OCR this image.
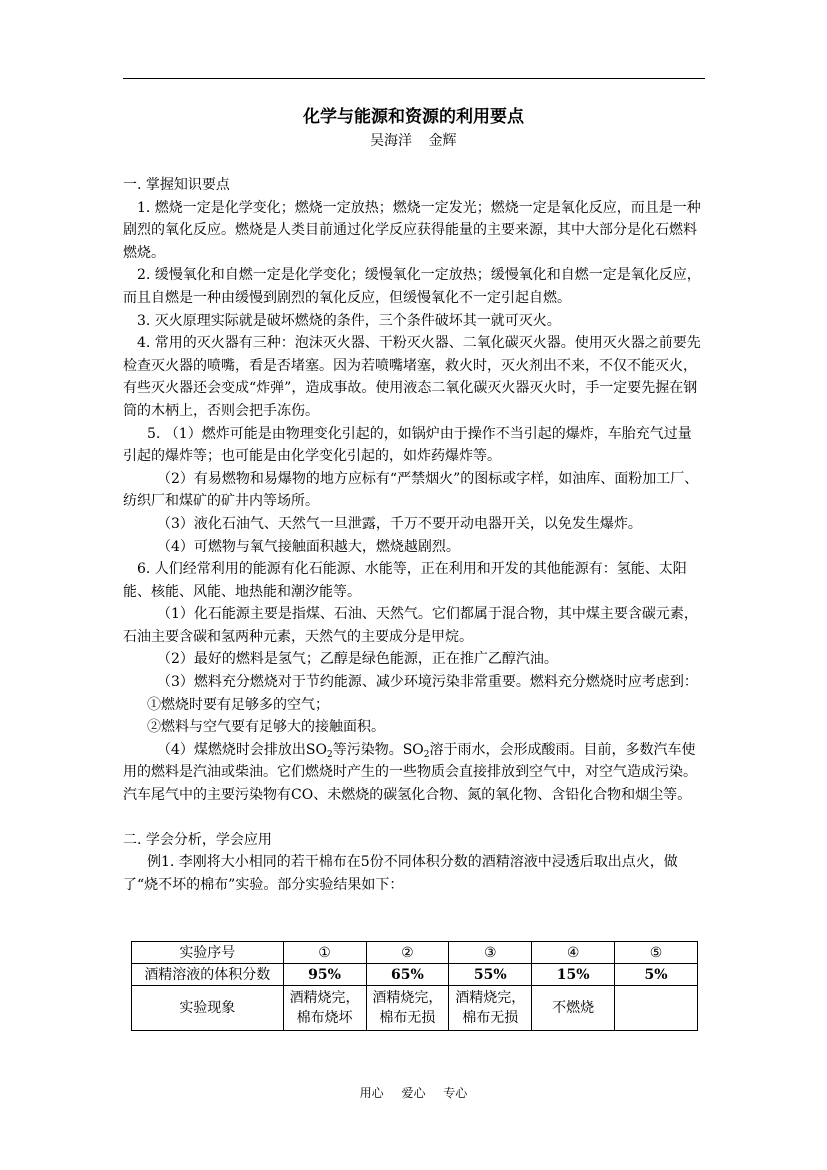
化学与能源和资源的利用要点
吴海洋 金辉

一. 掌握知识要点

1. 燃烧一定是化学变化；燃烧一定放热；燃烧一定发光；燃烧一定是氧化反应，而且是一种剧烈的氧化反应。燃烧是人类目前通过化学反应获得能量的主要来源，其中大部分是化石燃料燃烧。

2. 缓慢氧化和自燃一定是化学变化；缓慢氧化一定放热；缓慢氧化和自燃一定是氧化反应，而且自燃是一种由缓慢到剧烈的氧化反应，但缓慢氧化不一定引起自燃。

3. 灭火原理实际就是破坏燃烧的条件，三个条件破坏其一就可灭火。

4. 常用的灭火器有三种：泡沫灭火器、干粉灭火器、二氧化碳灭火器。使用灭火器之前要先检查灭火器的喷嘴，看是否堵塞。因为若喷嘴堵塞，救火时，灭火剂出不来，不仅不能灭火，有些灭火器还会变成“炸弹”，造成事故。使用液态二氧化碳灭火器灭火时，手一定要先握在钢筒的木柄上，否则会把手冻伤。

5. （1）燃炸可能是由物理变化引起的，如锅炉由于操作不当引起的爆炸，车胎充气过量引起的爆炸等；也可能是由化学变化引起的，如炸药爆炸等。

（2）有易燃物和易爆物的地方应标有“严禁烟火”的图标或字样，如油库、面粉加工厂、纺织厂和煤矿的矿井内等场所。

（3）液化石油气、天然气一旦泄露，千万不要开动电器开关，以免发生爆炸。

（4）可燃物与氧气接触面积越大，燃烧越剧烈。

6. 人们经常利用的能源有化石能源、水能等，正在利用和开发的其他能源有：氢能、太阳能、核能、风能、地热能和潮汐能等。

（1）化石能源主要是指煤、石油、天然气。它们都属于混合物，其中煤主要含碳元素，石油主要含碳和氢两种元素，天然气的主要成分是甲烷。

（2）最好的燃料是氢气；乙醇是绿色能源，正在推广乙醇汽油。

（3）燃料充分燃烧对于节约能源、减少环境污染非常重要。燃料充分燃烧时应考虑到：

①燃烧时要有足够多的空气；

②燃料与空气要有足够大的接触面积。

（4）煤燃烧时会排放出$SO_2$等污染物。$SO_2$溶于雨水，会形成酸雨。目前，多数汽车使用的燃料是汽油或柴油。它们燃烧时产生的一些物质会直接排放到空气中，对空气造成污染。汽车尾气中的主要污染物有CO、未燃烧的碳氢化合物、氮的氧化物、含铅化合物和烟尘等。

二. 学会分析，学会应用

例1. 李刚将大小相同的若干棉布在5份不同体积分数的酒精溶液中浸透后取出点火，做了“烧不坏的棉布”实验。部分实验结果如下：

实验序号	①	②	③	④	⑤
酒精溶液的体积分数	95%	65%	55%	15%	5%
实验现象	酒精烧完，棉布烧坏	酒精烧完，棉布无损	酒精烧完，棉布无损	不燃烧	
用心 爱心 专心
